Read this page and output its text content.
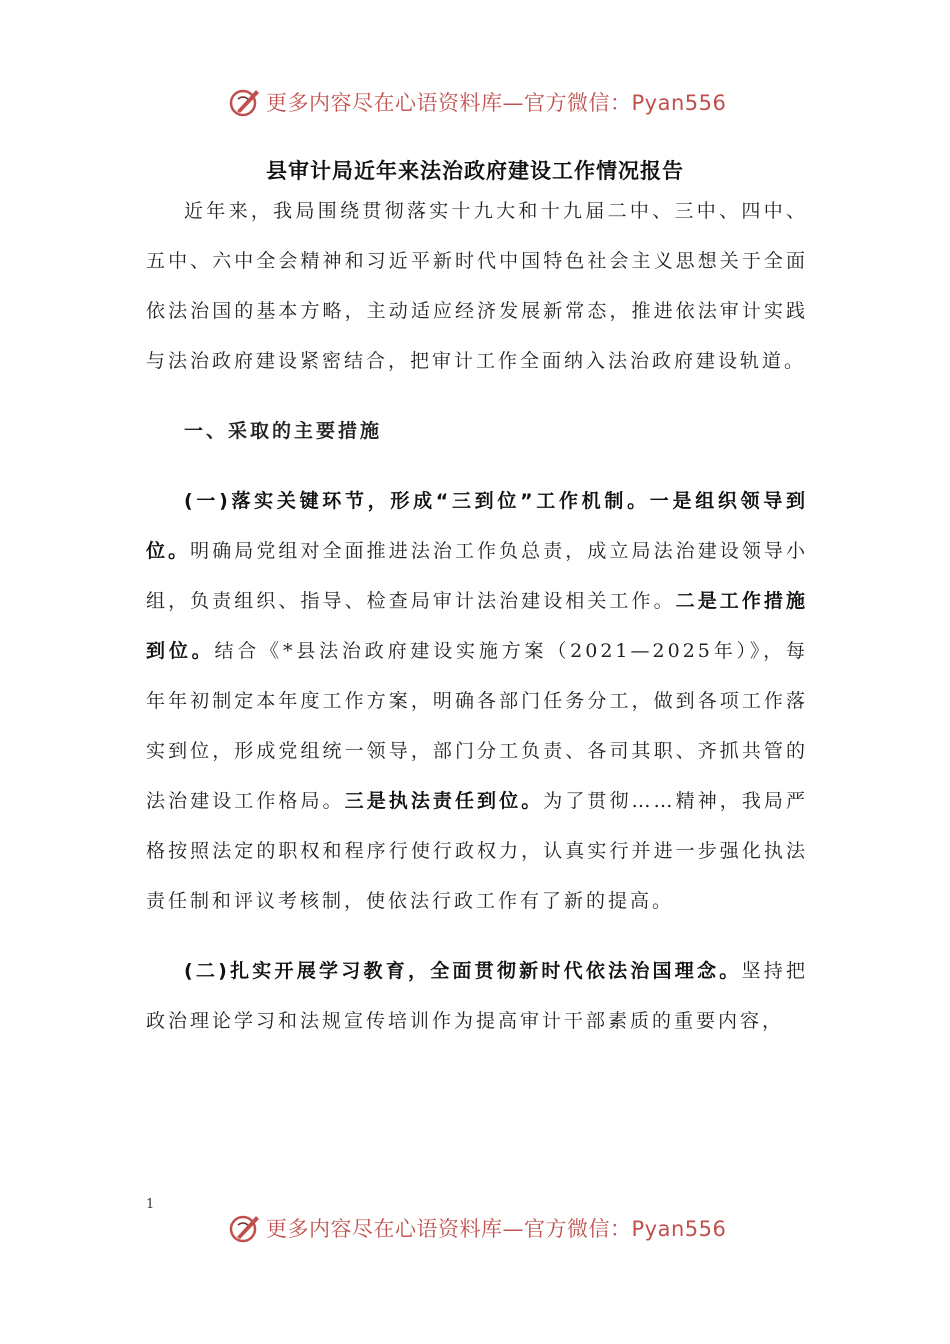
更多内容尽在心语资料库—官方微信：Pyan556
县审计局近年来法治政府建设工作情况报告

近年来，我局围绕贯彻落实十九大和十九届二中、三中、四中、五中、六中全会精神和习近平新时代中国特色社会主义思想关于全面依法治国的基本方略，主动适应经济发展新常态，推进依法审计实践与法治政府建设紧密结合，把审计工作全面纳入法治政府建设轨道。

一、采取的主要措施

(一)落实关键环节，形成“三到位”工作机制。一是组织领导到位。明确局党组对全面推进法治工作负总责，成立局法治建设领导小组，负责组织、指导、检查局审计法治建设相关工作。二是工作措施到位。结合《*县法治政府建设实施方案（2021—2025年）》，每年年初制定本年度工作方案，明确各部门任务分工，做到各项工作落实到位，形成党组统一领导，部门分工负责、各司其职、齐抓共管的法治建设工作格局。三是执法责任到位。为了贯彻……精神，我局严格按照法定的职权和程序行使行政权力，认真实行并进一步强化执法责任制和评议考核制，使依法行政工作有了新的提高。

(二)扎实开展学习教育，全面贯彻新时代依法治国理念。坚持把政治理论学习和法规宣传培训作为提高审计干部素质的重要内容，

1
更多内容尽在心语资料库—官方微信：Pyan556
